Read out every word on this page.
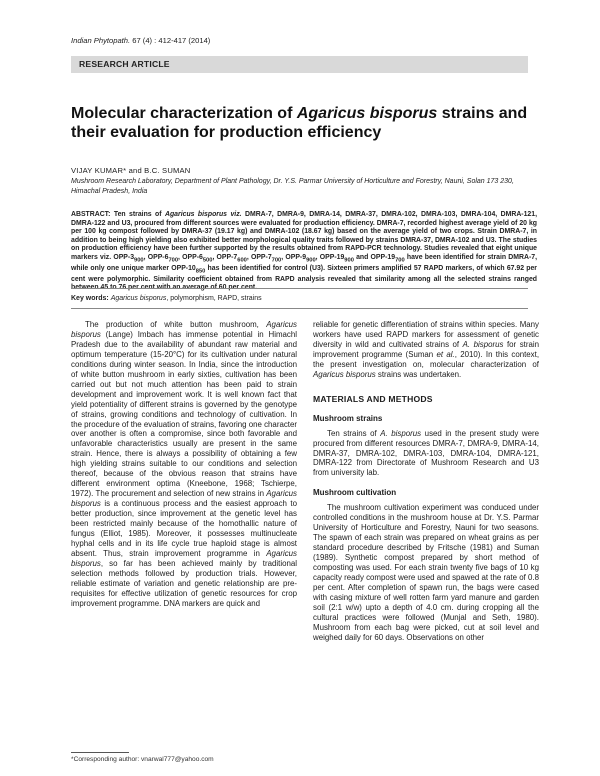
Indian Phytopath. 67 (4) : 412-417 (2014)
RESEARCH ARTICLE
Molecular characterization of Agaricus bisporus strains and their evaluation for production efficiency
VIJAY KUMAR* and B.C. SUMAN
Mushroom Research Laboratory, Department of Plant Pathology, Dr. Y.S. Parmar University of Horticulture and Forestry, Nauni, Solan 173 230, Himachal Pradesh, India
ABSTRACT: Ten strains of Agaricus bisporus viz. DMRA-7, DMRA-9, DMRA-14, DMRA-37, DMRA-102, DMRA-103, DMRA-104, DMRA-121, DMRA-122 and U3, procured from different sources were evaluated for production efficiency. DMRA-7, recorded highest average yield of 20 kg per 100 kg compost followed by DMRA-37 (19.17 kg) and DMRA-102 (18.67 kg) based on the average yield of two crops. Strain DMRA-7, in addition to being high yielding also exhibited better morphological quality traits followed by strains DMRA-37, DMRA-102 and U3. The studies on production efficiency have been further supported by the results obtained from RAPD-PCR technology. Studies revealed that eight unique markers viz. OPP-$3_{900}$, OPP-$6_{700}$, OPP-$6_{500}$, OPP-$7_{600}$, OPP-$7_{700}$, OPP-$9_{900}$, OPP-$19_{900}$ and OPP-$19_{700}$ have been identified for strain DMRA-7, while only one unique marker OPP-$10_{850}$ has been identified for control (U3). Sixteen primers amplified 57 RAPD markers, of which 67.92 per cent were polymorphic. Similarity coefficient obtained from RAPD analysis revealed that similarity among all the selected strains ranged between 45 to 76 per cent with an average of 60 per cent.
Key words: Agaricus bisporus, polymorphism, RAPD, strains

The production of white button mushroom, Agaricus bisporus (Lange) Imbach has immense potential in Himachl Pradesh due to the availability of abundant raw material and optimum temperature (15-20°C) for its cultivation under natural conditions during winter season. In India, since the introduction of white button mushroom in early sixties, cultivation has been carried out but not much attention has been paid to strain development and improvement work. It is well known fact that yield potentiality of different strains is governed by the genotype of strains, growing conditions and technology of cultivation. In the procedure of the evaluation of strains, favoring one character over another is often a compromise, since both favorable and unfavorable characteristics usually are present in the same strain. Hence, there is always a possibility of obtaining a few high yielding strains suitable to our conditions and selection thereof, because of the obvious reason that strains have different environment optima (Kneebone, 1968; Tschierpe, 1972). The procurement and selection of new strains in Agaricus bisporus is a continuous process and the easiest approach to better production, since improvement at the genetic level has been restricted mainly because of the homothallic nature of fungus (Elliot, 1985). Moreover, it possesses multinucleate hyphal cells and in its life cycle true haploid stage is almost absent. Thus, strain improvement programme in Agaricus bisporus, so far has been achieved mainly by traditional selection methods followed by production trials. However, reliable estimate of variation and genetic relationship are pre-requisites for effective utilization of genetic resources for crop improvement programme. DNA markers are quick and

reliable for genetic differentiation of strains within species. Many workers have used RAPD markers for assessment of genetic diversity in wild and cultivated strains of A. bisporus for strain improvement programme (Suman et al., 2010). In this context, the present investigation on, molecular characterization of Agaricus bisporus strains was undertaken.

MATERIALS AND METHODS
Mushroom strains

Ten strains of A. bisporus used in the present study were procured from different resources DMRA-7, DMRA-9, DMRA-14, DMRA-37, DMRA-102, DMRA-103, DMRA-104, DMRA-121, DMRA-122 from Directorate of Mushroom Research and U3 from university lab.

Mushroom cultivation

The mushroom cultivation experiment was conduced under controlled conditions in the mushroom house at Dr. Y.S. Parmar University of Horticulture and Forestry, Nauni for two seasons. The spawn of each strain was prepared on wheat grains as per standard procedure described by Fritsche (1981) and Suman (1989). Synthetic compost prepared by short method of composting was used. For each strain twenty five bags of 10 kg capacity ready compost were used and spawed at the rate of 0.8 per cent. After completion of spawn run, the bags were cased with casing mixture of well rotten farm yard manure and garden soil (2:1 w/w) upto a depth of 4.0 cm. during cropping all the cultural practices were followed (Munjal and Seth, 1980). Mushroom from each bag were picked, cut at soil level and weighed daily for 60 days. Observations on other

*Corresponding author: vnarwal777@yahoo.com
